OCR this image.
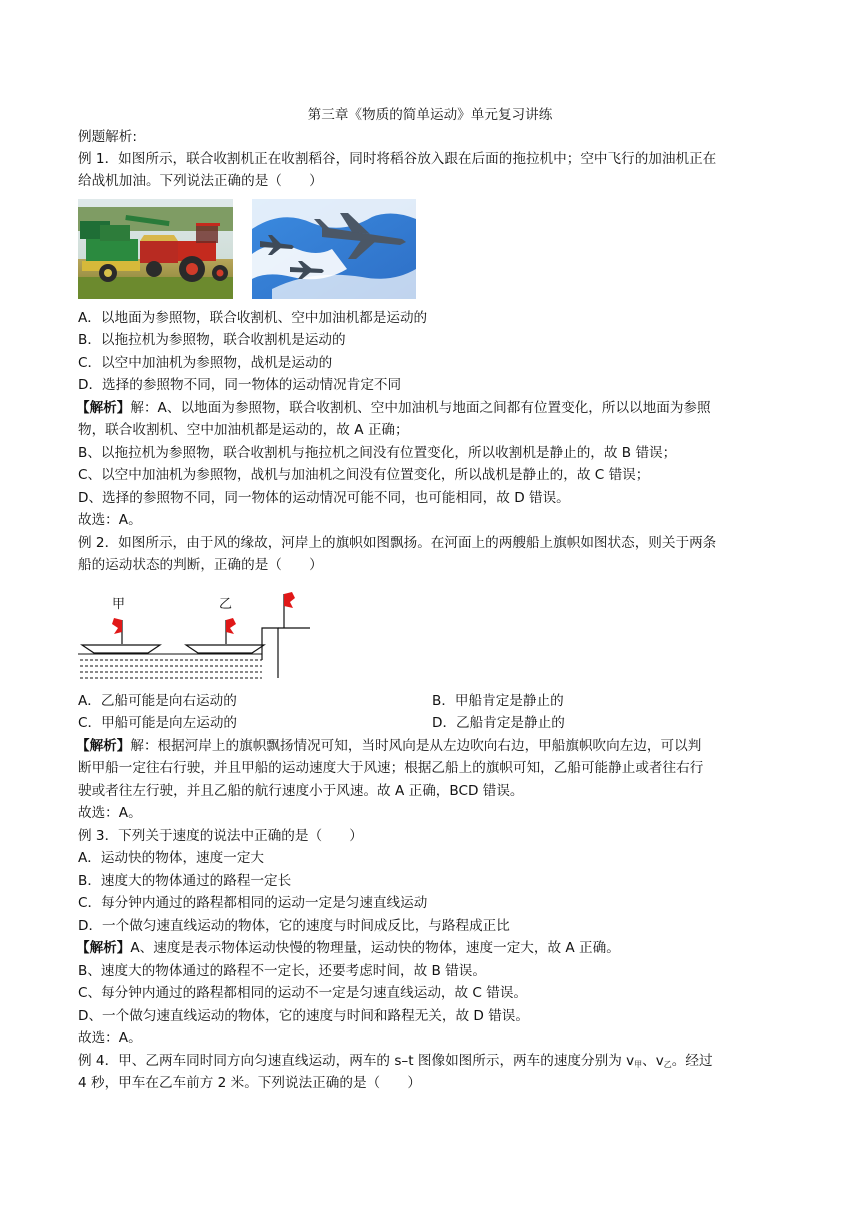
第三章《物质的简单运动》单元复习讲练
例题解析:
例 1．如图所示，联合收割机正在收割稻谷，同时将稻谷放入跟在后面的拖拉机中；空中飞行的加油机正在
给战机加油。下列说法正确的是（　　）
A．以地面为参照物，联合收割机、空中加油机都是运动的
B．以拖拉机为参照物，联合收割机是运动的
C．以空中加油机为参照物，战机是运动的
D．选择的参照物不同，同一物体的运动情况肯定不同
【解析】解：A、以地面为参照物，联合收割机、空中加油机与地面之间都有位置变化，所以以地面为参照
物，联合收割机、空中加油机都是运动的，故 A 正确；
B、以拖拉机为参照物，联合收割机与拖拉机之间没有位置变化，所以收割机是静止的，故 B 错误；
C、以空中加油机为参照物，战机与加油机之间没有位置变化，所以战机是静止的，故 C 错误；
D、选择的参照物不同，同一物体的运动情况可能不同，也可能相同，故 D 错误。
故选：A。
例 2．如图所示，由于风的缘故，河岸上的旗帜如图飘扬。在河面上的两艘船上旗帜如图状态，则关于两条
船的运动状态的判断，正确的是（　　）
甲	乙
A．乙船可能是向右运动的	B．甲船肯定是静止的
C．甲船可能是向左运动的	D．乙船肯定是静止的
【解析】解：根据河岸上的旗帜飘扬情况可知，当时风向是从左边吹向右边，甲船旗帜吹向左边，可以判
断甲船一定往右行驶，并且甲船的运动速度大于风速；根据乙船上的旗帜可知，乙船可能静止或者往右行
驶或者往左行驶，并且乙船的航行速度小于风速。故 A 正确，BCD 错误。
故选：A。
例 3．下列关于速度的说法中正确的是（　　）
A．运动快的物体，速度一定大
B．速度大的物体通过的路程一定长
C．每分钟内通过的路程都相同的运动一定是匀速直线运动
D．一个做匀速直线运动的物体，它的速度与时间成反比，与路程成正比
【解析】A、速度是表示物体运动快慢的物理量，运动快的物体，速度一定大，故 A 正确。
B、速度大的物体通过的路程不一定长，还要考虑时间，故 B 错误。
C、每分钟内通过的路程都相同的运动不一定是匀速直线运动，故 C 错误。
D、一个做匀速直线运动的物体，它的速度与时间和路程无关，故 D 错误。
故选：A。
例 4．甲、乙两车同时同方向匀速直线运动，两车的 s–t 图像如图所示，两车的速度分别为 $v_甲$、$v_乙$。经过
4 秒，甲车在乙车前方 2 米。下列说法正确的是（　　）
